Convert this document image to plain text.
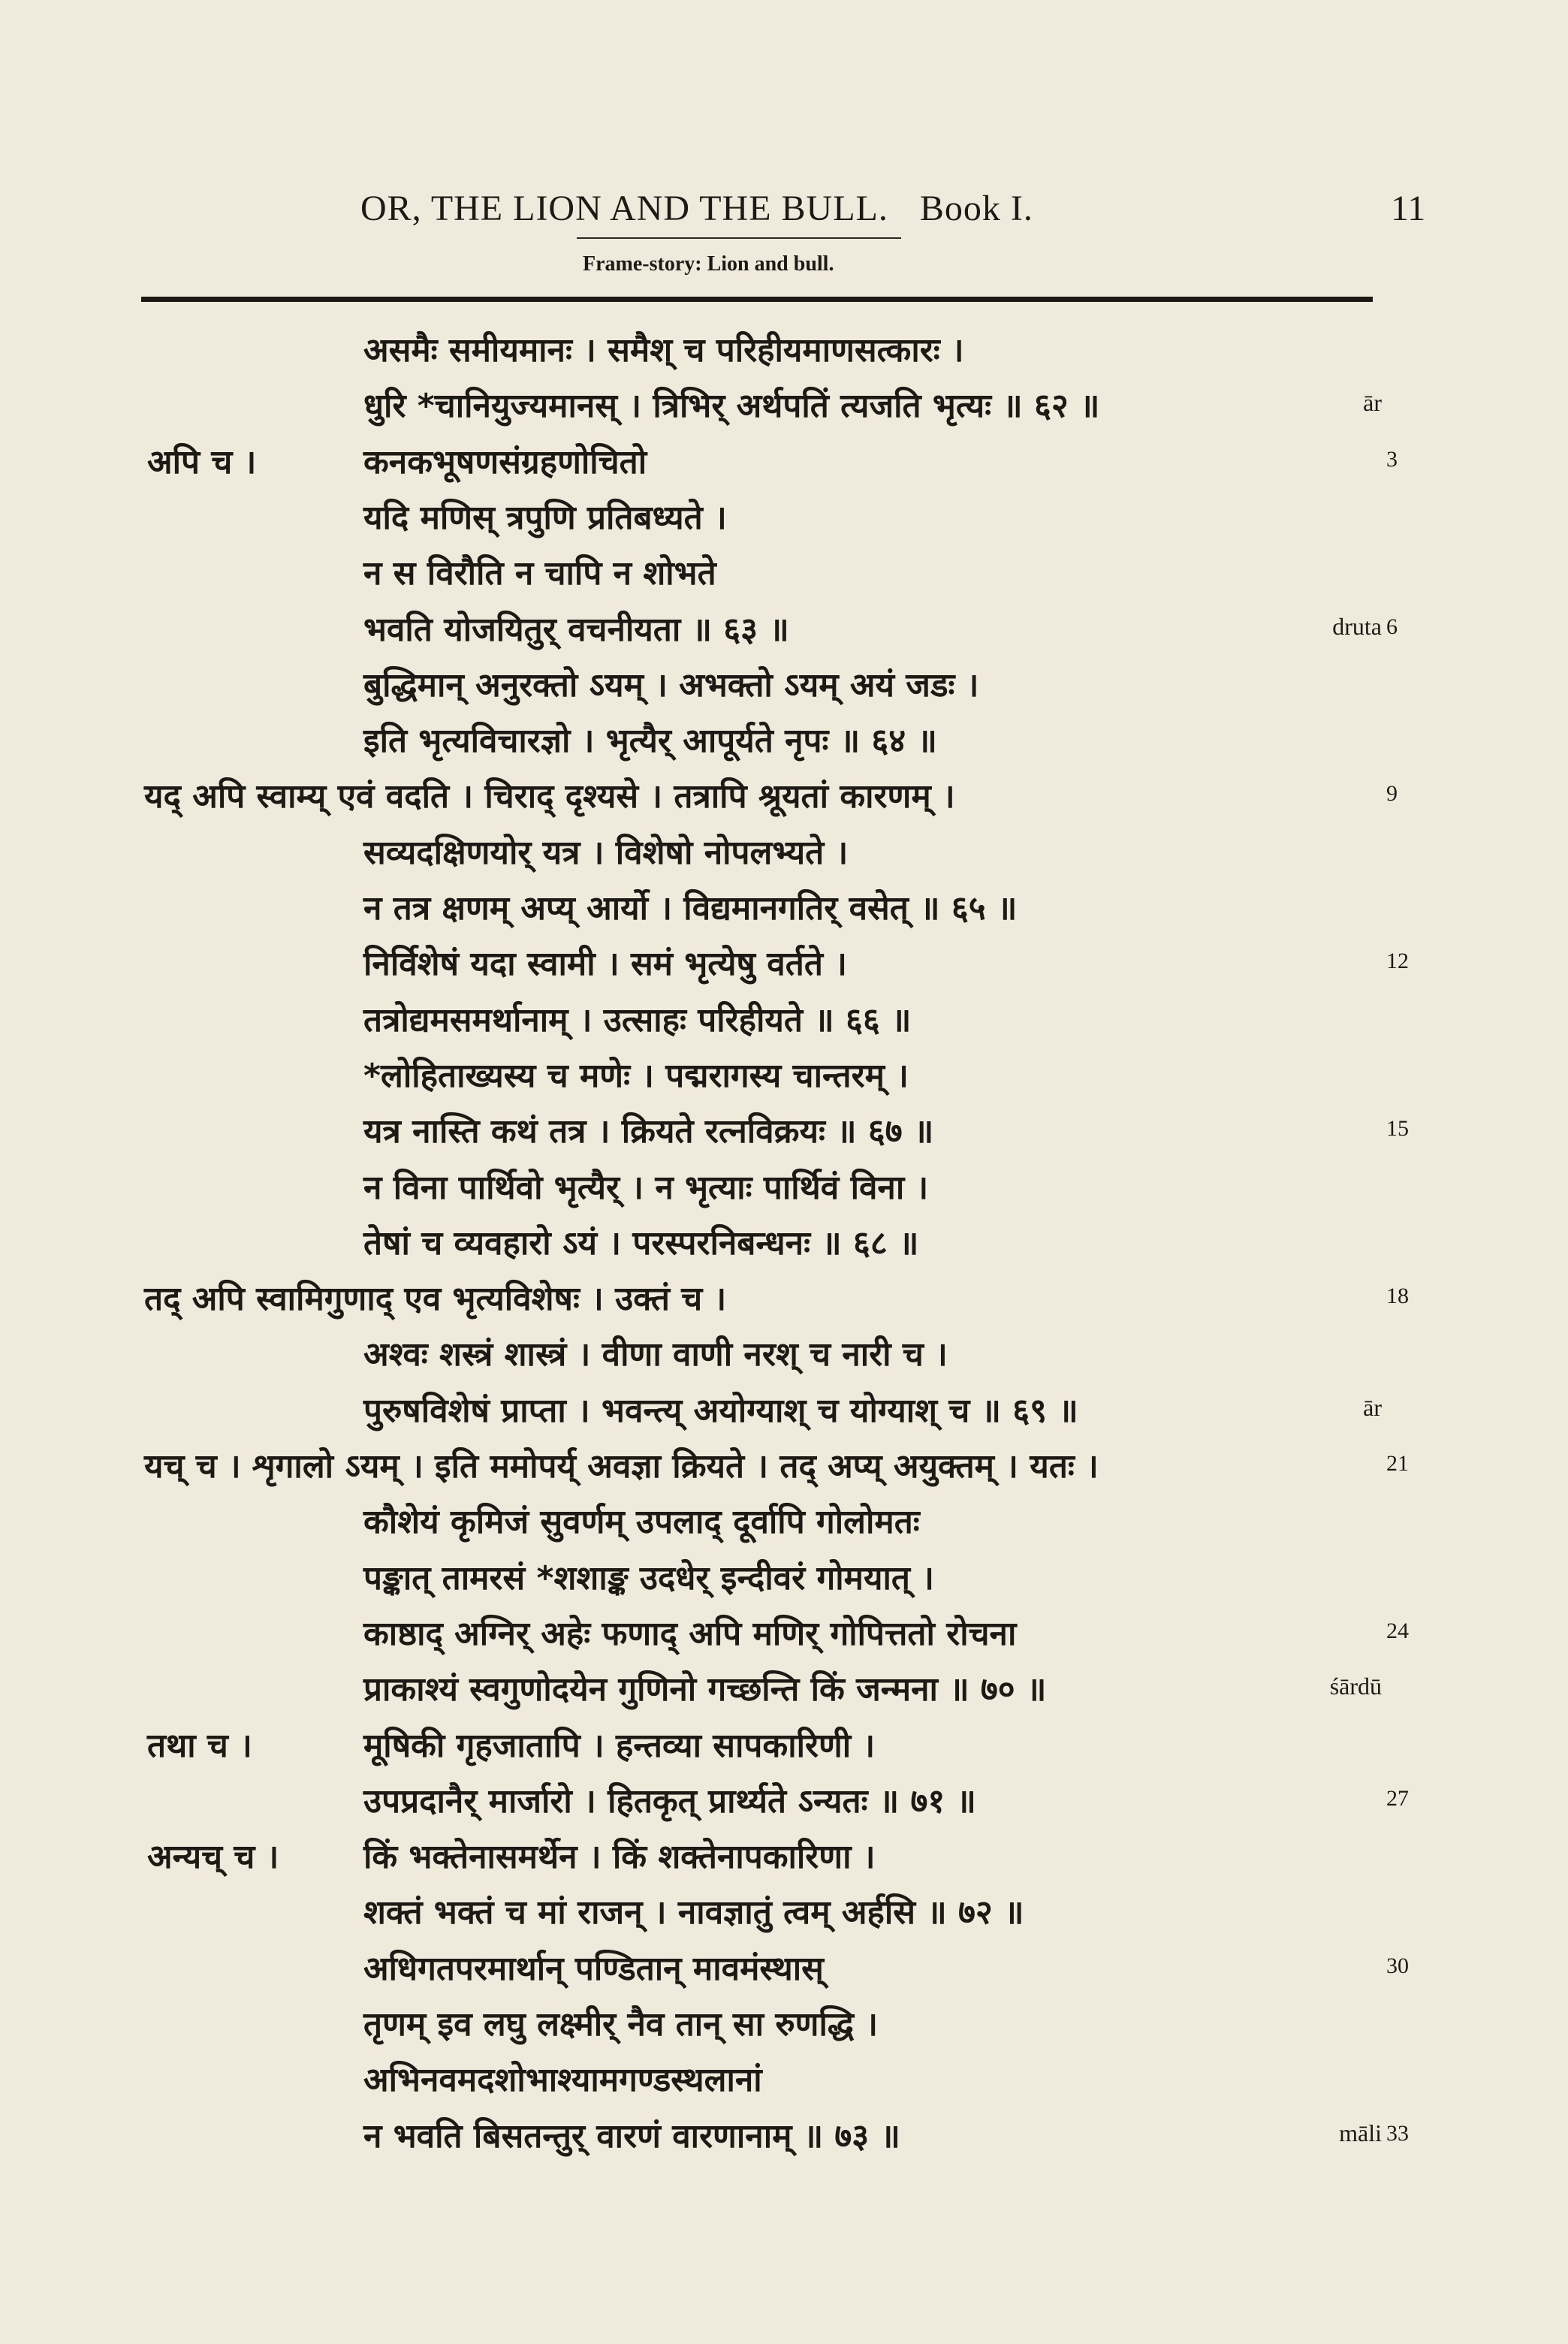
OR, THE LION AND THE BULL. Book I.	11
Frame-story: Lion and bull.
असमैः समीयमानः । समैश् च परिहीयमाणसत्कारः ।
धुरि *चानियुज्यमानस् । त्रिभिर् अर्थपतिं त्यजति भृत्यः ॥ ६२ ॥	ār
अपि च ।	कनकभूषणसंग्रहणोचितो	3
यदि मणिस् त्रपुणि प्रतिबध्यते ।
न स विरौति न चापि न शोभते
भवति योजयितुर् वचनीयता ॥ ६३ ॥	druta 6
बुद्धिमान् अनुरक्तो ऽयम् । अभक्तो ऽयम् अयं जडः ।
इति भृत्यविचारज्ञो । भृत्यैर् आपूर्यते नृपः ॥ ६४ ॥
यद् अपि स्वाम्य् एवं वदति । चिराद् दृश्यसे । तत्रापि श्रूयतां कारणम् ।	9
सव्यदक्षिणयोर् यत्र । विशेषो नोपलभ्यते ।
न तत्र क्षणम् अप्य् आर्यो । विद्यमानगतिर् वसेत् ॥ ६५ ॥
निर्विशेषं यदा स्वामी । समं भृत्येषु वर्तते ।	12
तत्रोद्यमसमर्थानाम् । उत्साहः परिहीयते ॥ ६६ ॥
*लोहिताख्यस्य च मणेः । पद्मरागस्य चान्तरम् ।
यत्र नास्ति कथं तत्र । क्रियते रत्नविक्रयः ॥ ६७ ॥	15
न विना पार्थिवो भृत्यैर् । न भृत्याः पार्थिवं विना ।
तेषां च व्यवहारो ऽयं । परस्परनिबन्धनः ॥ ६८ ॥
तद् अपि स्वामिगुणाद् एव भृत्यविशेषः । उक्तं च ।	18
अश्वः शस्त्रं शास्त्रं । वीणा वाणी नरश् च नारी च ।
पुरुषविशेषं प्राप्ता । भवन्त्य् अयोग्याश् च योग्याश् च ॥ ६९ ॥	ār
यच् च । शृगालो ऽयम् । इति ममोपर्य् अवज्ञा क्रियते । तद् अप्य् अयुक्तम् । यतः ।	21
कौशेयं कृमिजं सुवर्णम् उपलाद् दूर्वापि गोलोमतः
पङ्कात् तामरसं *शशाङ्क उदधेर् इन्दीवरं गोमयात् ।
काष्ठाद् अग्निर् अहेः फणाद् अपि मणिर् गोपित्ततो रोचना	24
प्राकाश्यं स्वगुणोदयेन गुणिनो गच्छन्ति किं जन्मना ॥ ७० ॥	śārdū
तथा च ।	मूषिकी गृहजातापि । हन्तव्या सापकारिणी ।
उपप्रदानैर् मार्जारो । हितकृत् प्रार्थ्यते ऽन्यतः ॥ ७१ ॥	27
अन्यच् च ।	किं भक्तेनासमर्थेन । किं शक्तेनापकारिणा ।
शक्तं भक्तं च मां राजन् । नावज्ञातुं त्वम् अर्हसि ॥ ७२ ॥
अधिगतपरमार्थान् पण्डितान् मावमंस्थास्	30
तृणम् इव लघु लक्ष्मीर् नैव तान् सा रुणद्धि ।
अभिनवमदशोभाश्यामगण्डस्थलानां
न भवति बिसतन्तुर् वारणं वारणानाम् ॥ ७३ ॥	māli 33
